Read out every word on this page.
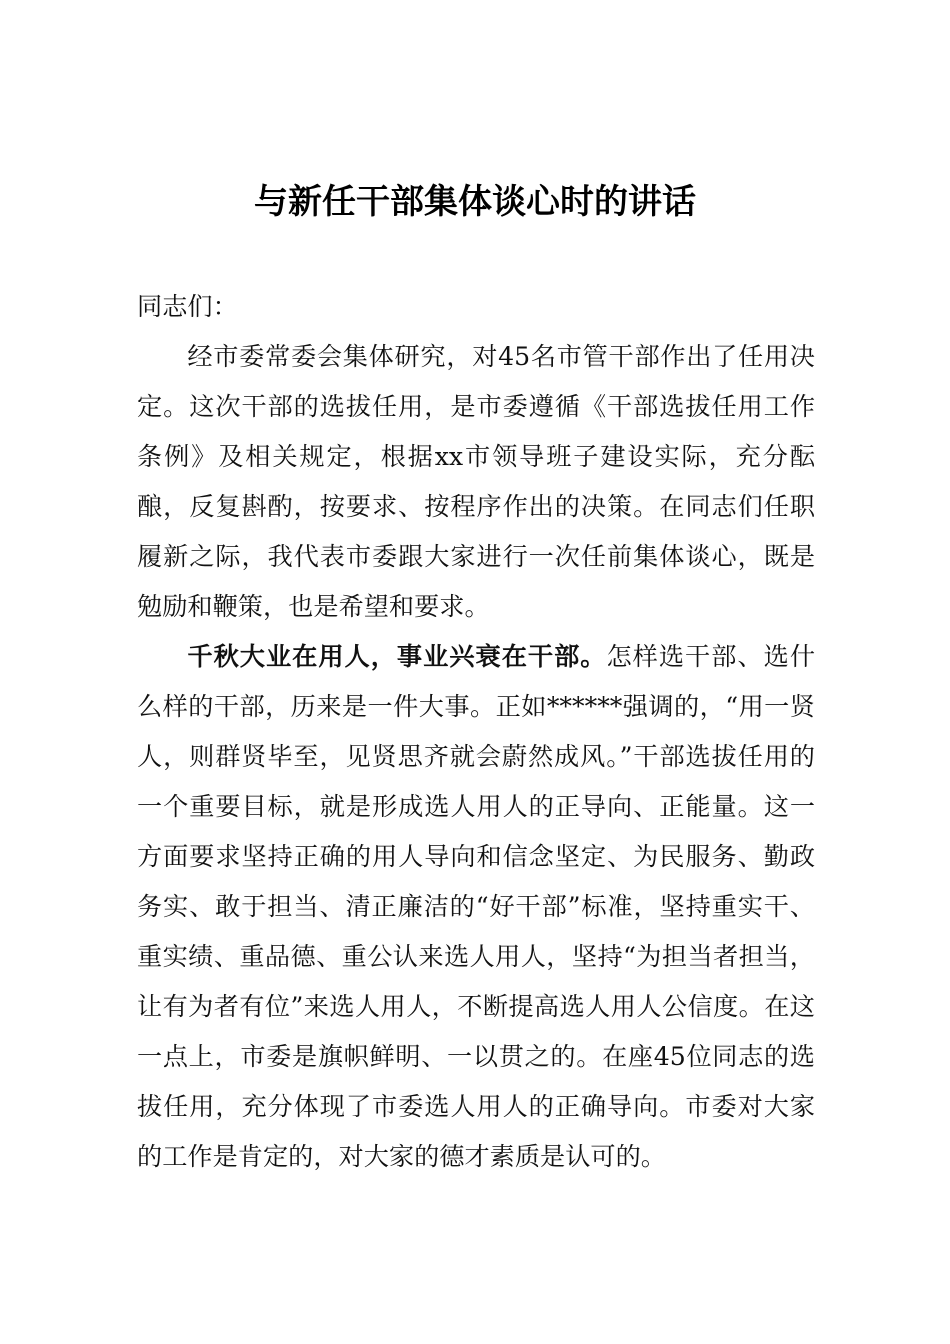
与新任干部集体谈心时的讲话

同志们：

经市委常委会集体研究，对45名市管干部作出了任用决定。这次干部的选拔任用，是市委遵循《干部选拔任用工作条例》及相关规定，根据xx市领导班子建设实际，充分酝酿，反复斟酌，按要求、按程序作出的决策。在同志们任职履新之际，我代表市委跟大家进行一次任前集体谈心，既是勉励和鞭策，也是希望和要求。

千秋大业在用人，事业兴衰在干部。怎样选干部、选什么样的干部，历来是一件大事。正如******强调的，“用一贤人，则群贤毕至，见贤思齐就会蔚然成风。”干部选拔任用的一个重要目标，就是形成选人用人的正导向、正能量。这一方面要求坚持正确的用人导向和信念坚定、为民服务、勤政务实、敢于担当、清正廉洁的“好干部”标准，坚持重实干、重实绩、重品德、重公认来选人用人，坚持“为担当者担当，让有为者有位”来选人用人，不断提高选人用人公信度。在这一点上，市委是旗帜鲜明、一以贯之的。在座45位同志的选拔任用，充分体现了市委选人用人的正确导向。市委对大家的工作是肯定的，对大家的德才素质是认可的。
